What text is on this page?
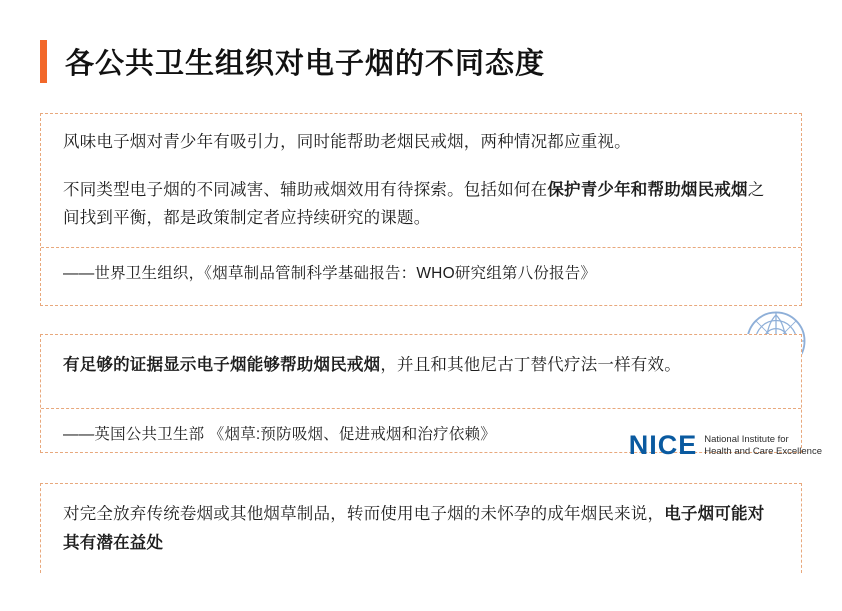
各公共卫生组织对电子烟的不同态度
风味电子烟对青少年有吸引力，同时能帮助老烟民戒烟，两种情况都应重视。
不同类型电子烟的不同减害、辅助戒烟效用有待探索。包括如何在保护青少年和帮助烟民戒烟之间找到平衡，都是政策制定者应持续研究的课题。
——世界卫生组织，《烟草制品管制科学基础报告：WHO研究组第八份报告》
有足够的证据显示电子烟能够帮助烟民戒烟，并且和其他尼古丁替代疗法一样有效。
——英国公共卫生部 《烟草:预防吸烟、促进戒烟和治疗依赖》	NICE National Institute for
Health and Care Excellence
对完全放弃传统卷烟或其他烟草制品，转而使用电子烟的未怀孕的成年烟民来说，电子烟可能对其有潜在益处
